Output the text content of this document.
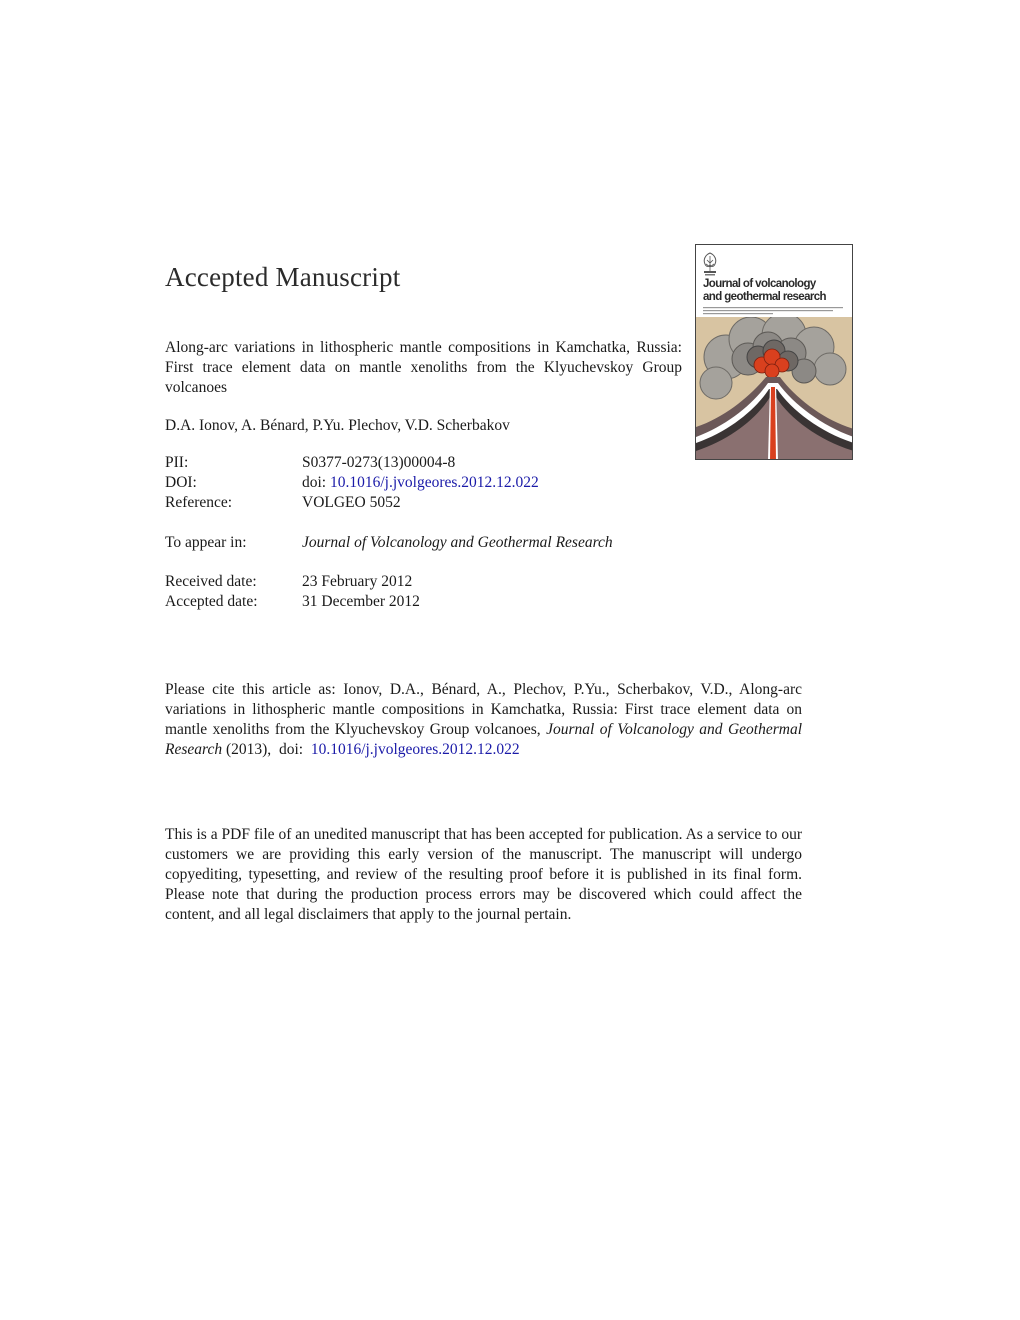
Accepted Manuscript
Along-arc variations in lithospheric mantle compositions in Kamchatka, Russia: First trace element data on mantle xenoliths from the Klyuchevskoy Group volcanoes
D.A. Ionov, A. Bénard, P.Yu. Plechov, V.D. Scherbakov
PII:	S0377-0273(13)00004-8
DOI:	doi: 10.1016/j.jvolgeores.2012.12.022
Reference:	VOLGEO 5052
To appear in:	Journal of Volcanology and Geothermal Research
Received date:	23 February 2012
Accepted date:	31 December 2012
Please cite this article as: Ionov, D.A., Bénard, A., Plechov, P.Yu., Scherbakov, V.D., Along-arc variations in lithospheric mantle compositions in Kamchatka, Russia: First trace element data on mantle xenoliths from the Klyuchevskoy Group volcanoes, Journal of Volcanology and Geothermal Research (2013), doi: 10.1016/j.jvolgeores.2012.12.022
This is a PDF file of an unedited manuscript that has been accepted for publication. As a service to our customers we are providing this early version of the manuscript. The manuscript will undergo copyediting, typesetting, and review of the resulting proof before it is published in its final form. Please note that during the production process errors may be discovered which could affect the content, and all legal disclaimers that apply to the journal pertain.
Journal of volcanology
and geothermal research
